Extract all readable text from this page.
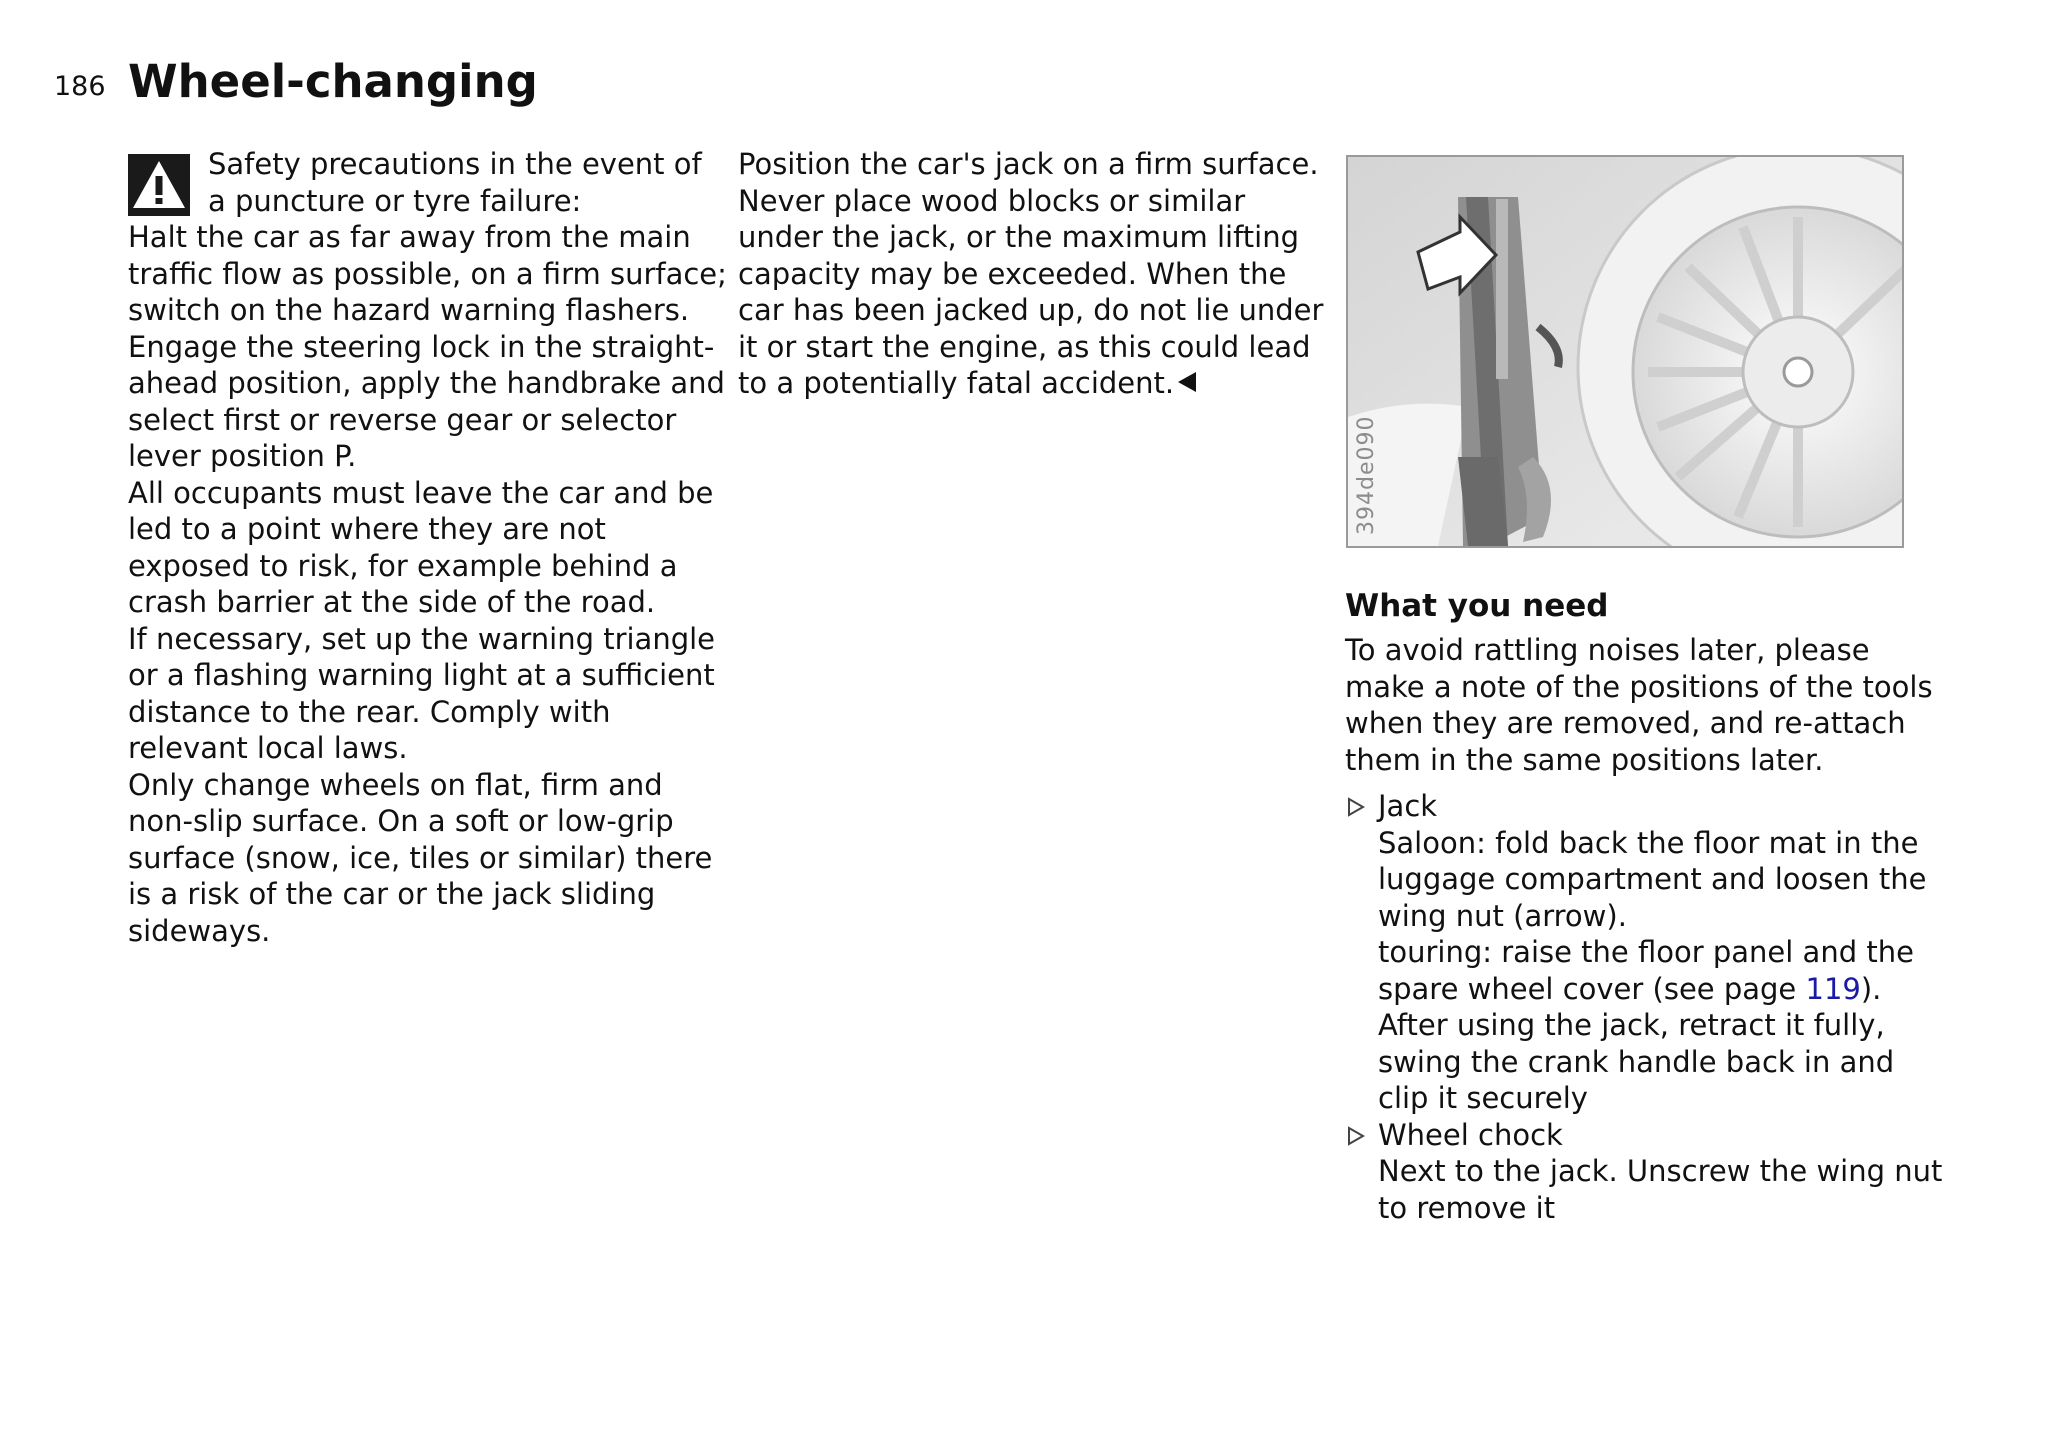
186 Wheel-changing

Safety precautions in the event of a puncture or tyre failure:

Halt the car as far away from the main traffic flow as possible, on a firm surface; switch on the hazard warning flashers.

Engage the steering lock in the straight-ahead position, apply the handbrake and select first or reverse gear or selector lever position P.

All occupants must leave the car and be led to a point where they are not exposed to risk, for example behind a crash barrier at the side of the road.

If necessary, set up the warning triangle or a flashing warning light at a sufficient distance to the rear. Comply with relevant local laws.

Only change wheels on flat, firm and non-slip surface. On a soft or low-grip surface (snow, ice, tiles or similar) there is a risk of the car or the jack sliding sideways.

Position the car's jack on a firm surface. Never place wood blocks or similar under the jack, or the maximum lifting capacity may be exceeded. When the car has been jacked up, do not lie under it or start the engine, as this could lead to a potentially fatal accident.

394de090
What you need

To avoid rattling noises later, please make a note of the positions of the tools when they are removed, and re-attach them in the same positions later.

Jack
Saloon: fold back the floor mat in the luggage compartment and loosen the wing nut (arrow).
touring: raise the floor panel and the spare wheel cover (see page 119).
After using the jack, retract it fully, swing the crank handle back in and clip it securely
Wheel chock
Next to the jack. Unscrew the wing nut to remove it
